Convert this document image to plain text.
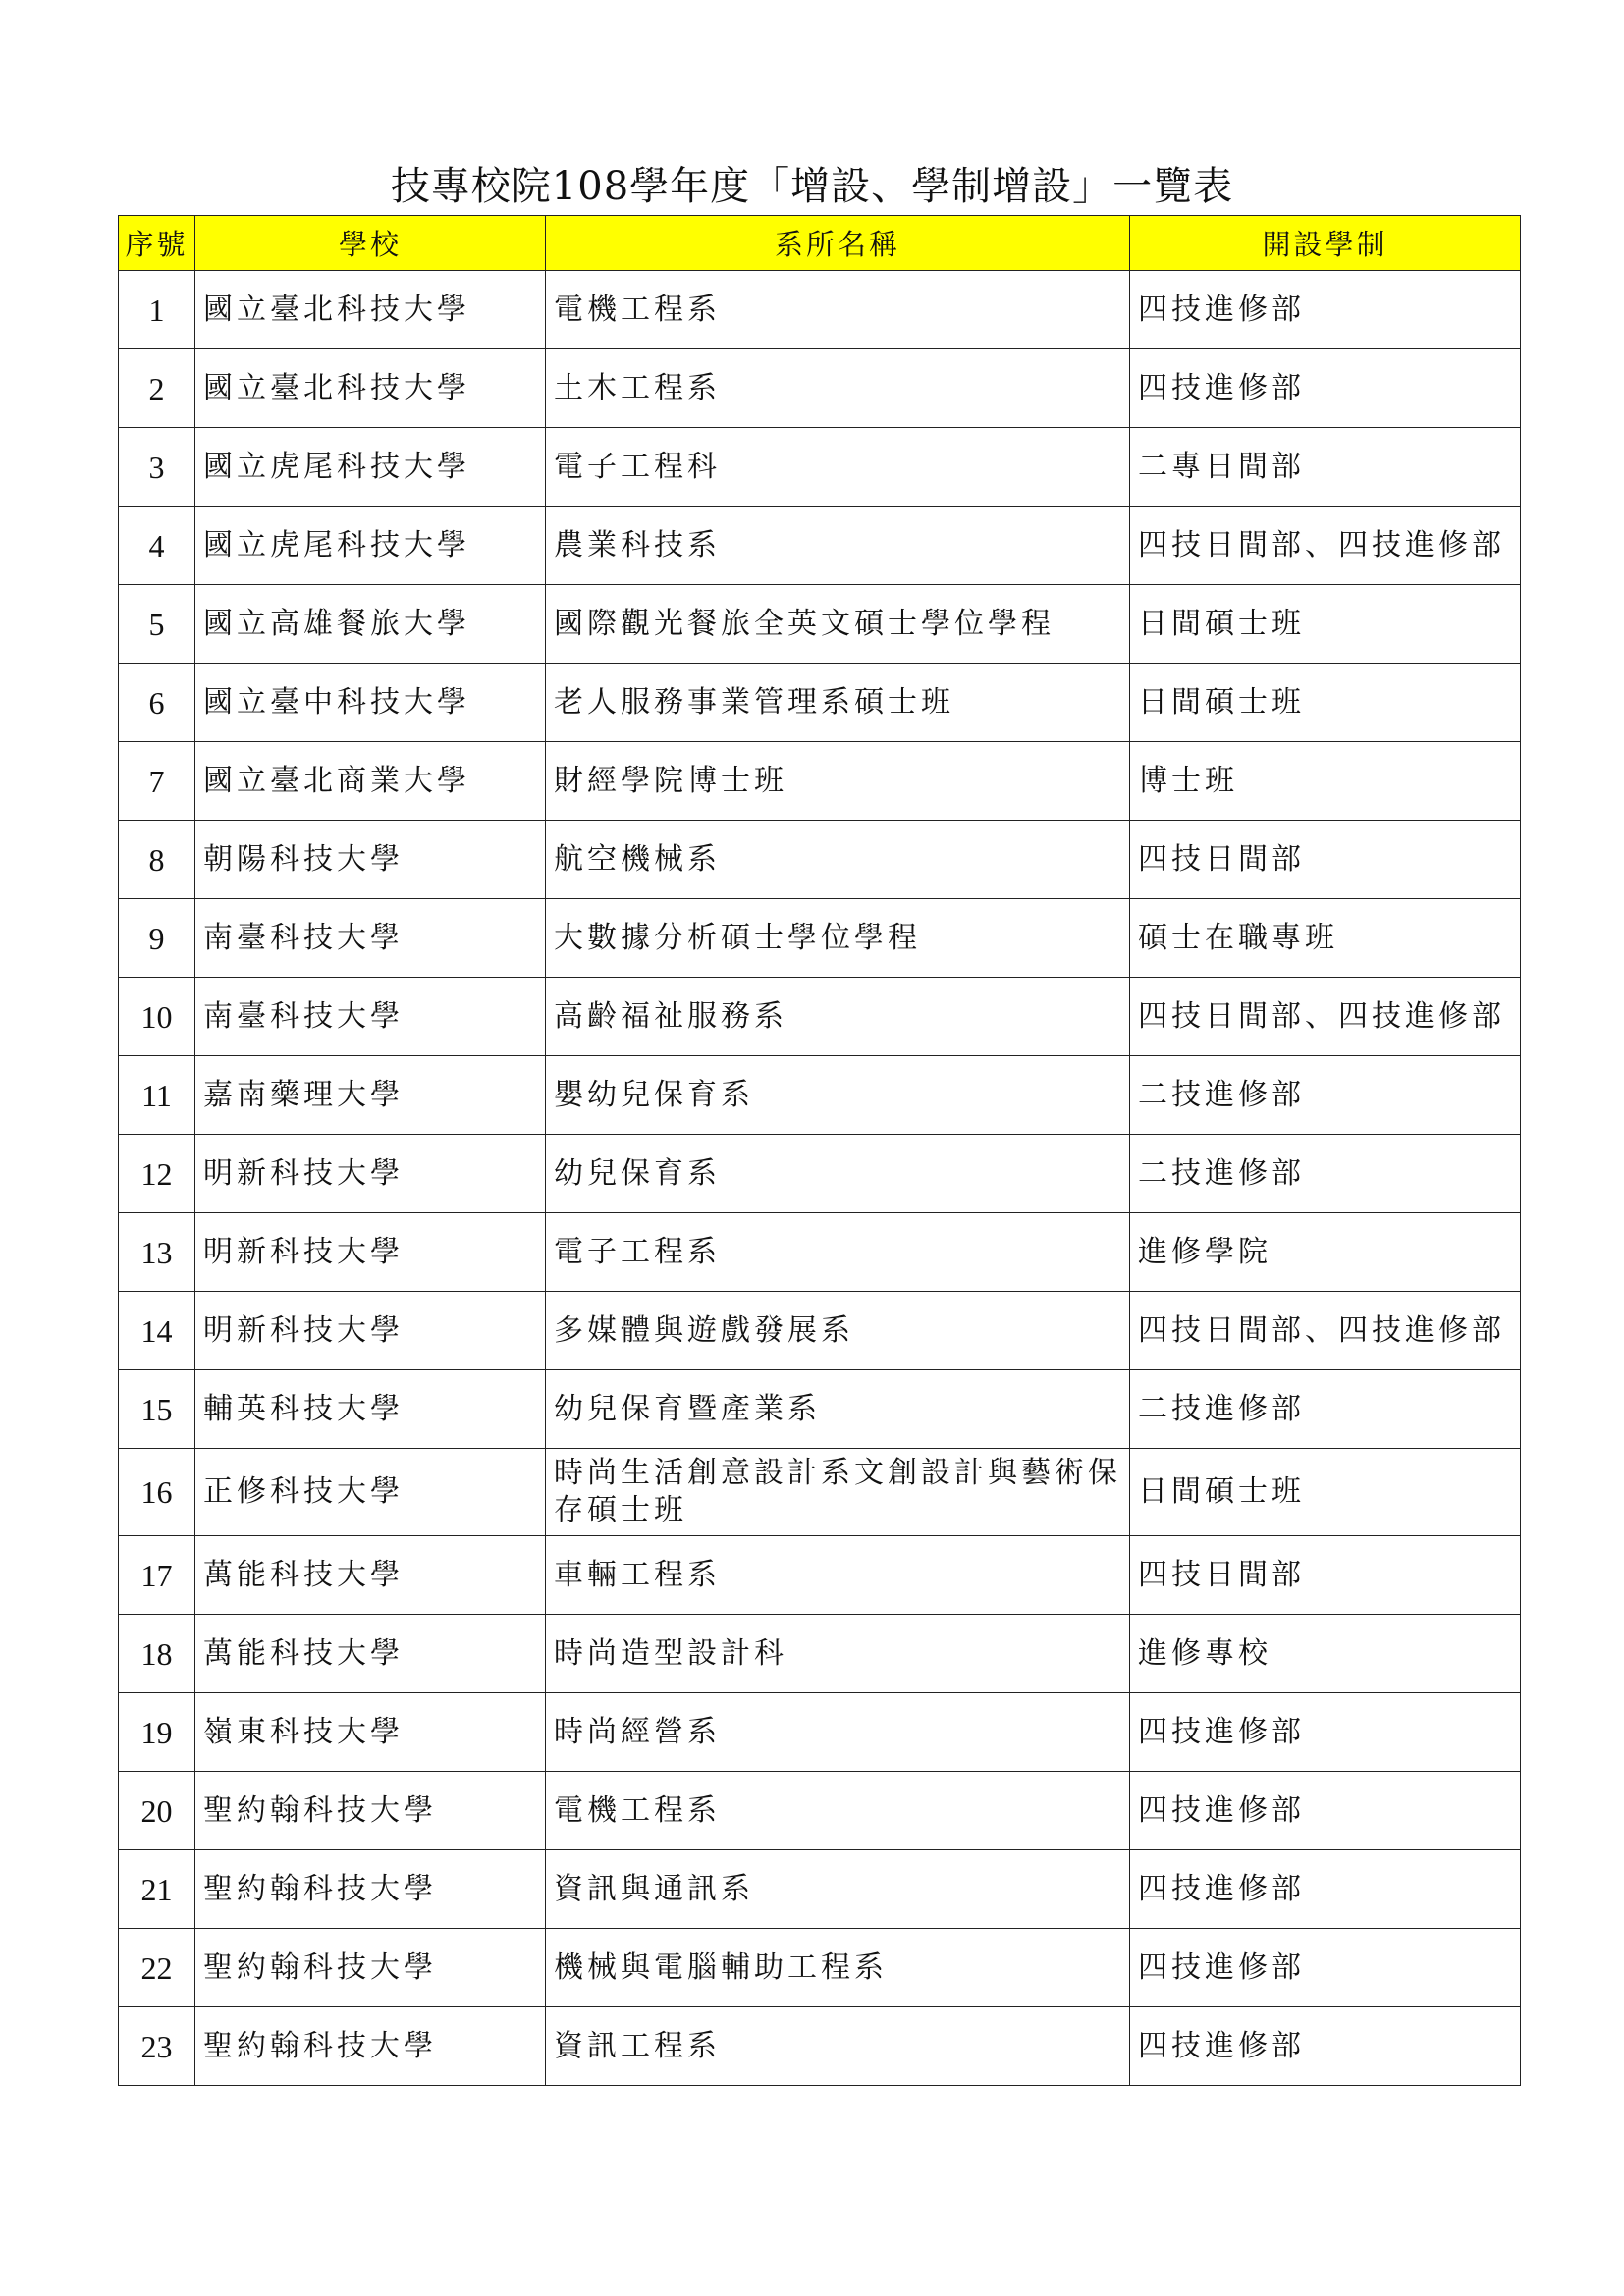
技專校院108學年度「增設、學制增設」一覽表
序號	學校	系所名稱	開設學制
1	國立臺北科技大學	電機工程系	四技進修部
2	國立臺北科技大學	土木工程系	四技進修部
3	國立虎尾科技大學	電子工程科	二專日間部
4	國立虎尾科技大學	農業科技系	四技日間部、四技進修部
5	國立高雄餐旅大學	國際觀光餐旅全英文碩士學位學程	日間碩士班
6	國立臺中科技大學	老人服務事業管理系碩士班	日間碩士班
7	國立臺北商業大學	財經學院博士班	博士班
8	朝陽科技大學	航空機械系	四技日間部
9	南臺科技大學	大數據分析碩士學位學程	碩士在職專班
10	南臺科技大學	高齡福祉服務系	四技日間部、四技進修部
11	嘉南藥理大學	嬰幼兒保育系	二技進修部
12	明新科技大學	幼兒保育系	二技進修部
13	明新科技大學	電子工程系	進修學院
14	明新科技大學	多媒體與遊戲發展系	四技日間部、四技進修部
15	輔英科技大學	幼兒保育暨產業系	二技進修部
16	正修科技大學	時尚生活創意設計系文創設計與藝術保存碩士班	日間碩士班
17	萬能科技大學	車輛工程系	四技日間部
18	萬能科技大學	時尚造型設計科	進修專校
19	嶺東科技大學	時尚經營系	四技進修部
20	聖約翰科技大學	電機工程系	四技進修部
21	聖約翰科技大學	資訊與通訊系	四技進修部
22	聖約翰科技大學	機械與電腦輔助工程系	四技進修部
23	聖約翰科技大學	資訊工程系	四技進修部
